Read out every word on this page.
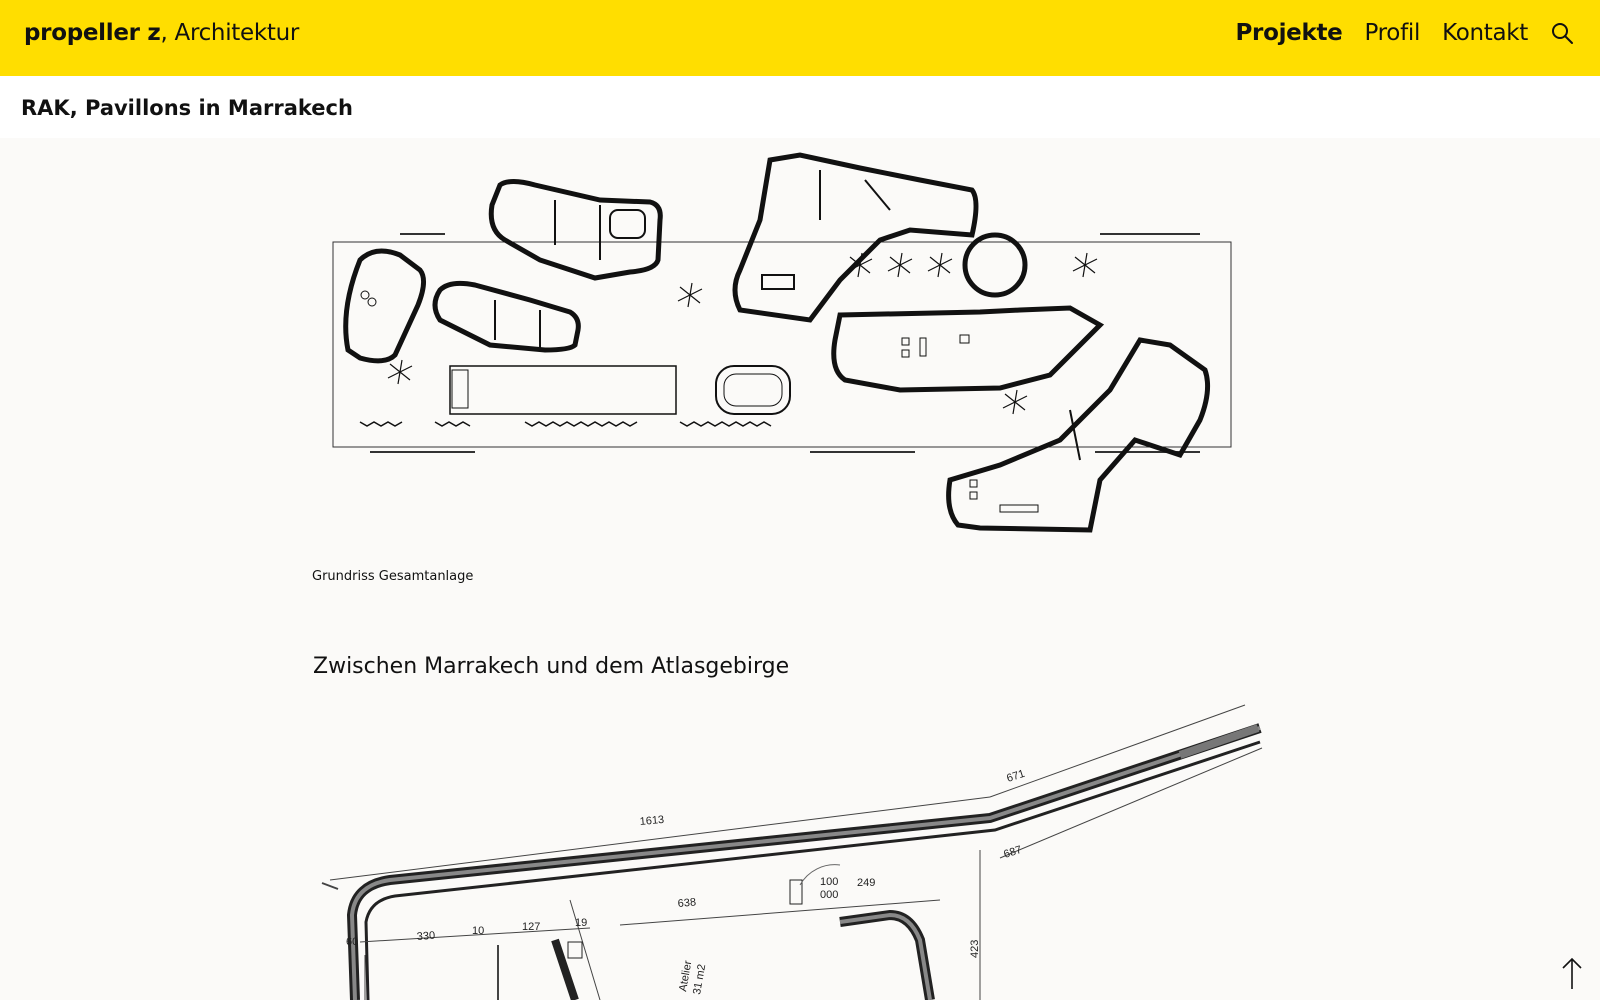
propeller z, Architektur	Projekte Profil Kontakt
RAK, Pavillons in Marrakech

Grundriss Gesamtanlage

Zwischen Marrakech und dem Atlasgebirge
1613
671
687
638
100
000
249
330	10	127	19
60	423
Atelier
31 m2
